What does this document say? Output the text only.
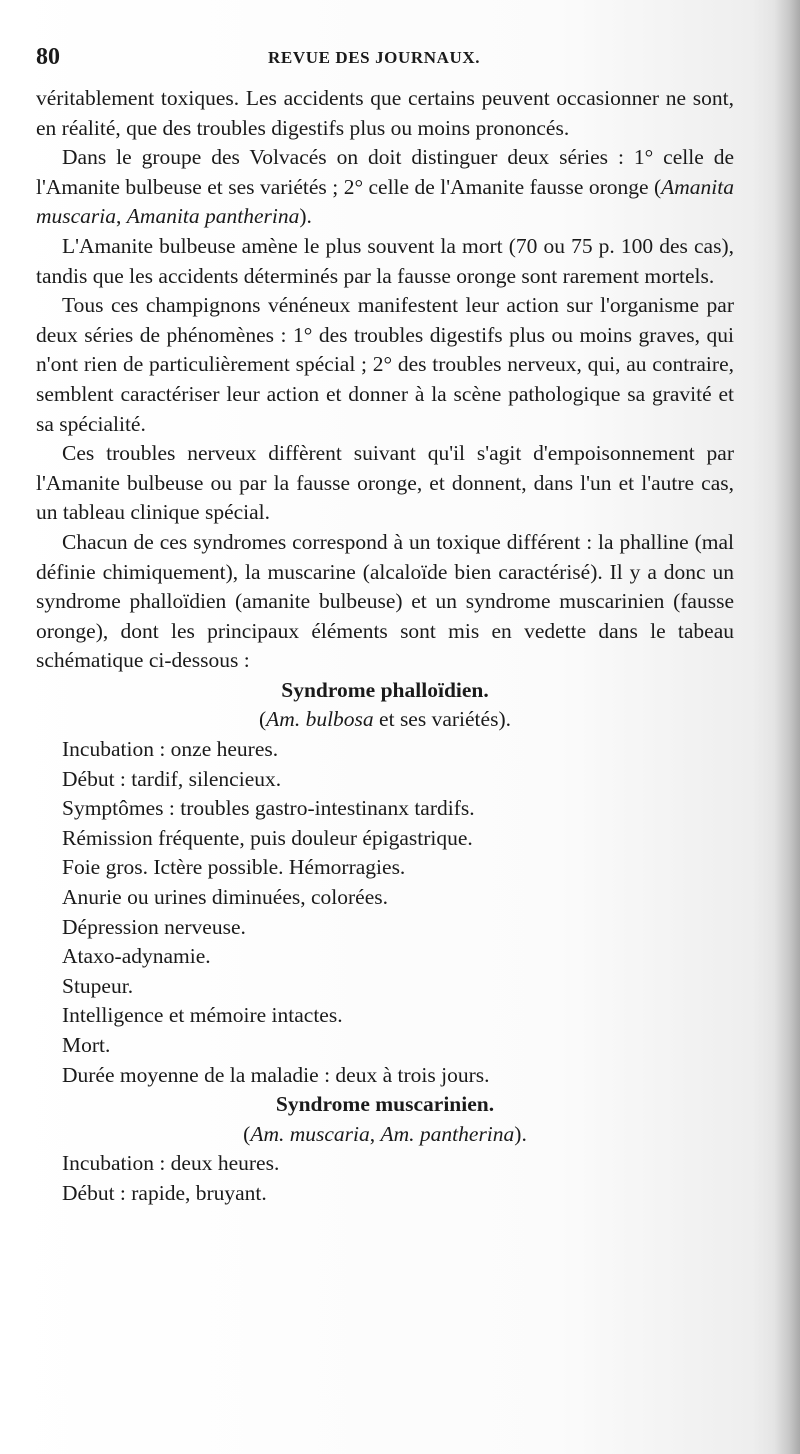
80	REVUE DES JOURNAUX.

véritablement toxiques. Les accidents que certains peuvent occasionner ne sont, en réalité, que des troubles digestifs plus ou moins prononcés.

Dans le groupe des Volvacés on doit distinguer deux séries : 1° celle de l'Amanite bulbeuse et ses variétés ; 2° celle de l'Amanite fausse oronge (Amanita muscaria, Amanita pantherina).

L'Amanite bulbeuse amène le plus souvent la mort (70 ou 75 p. 100 des cas), tandis que les accidents déterminés par la fausse oronge sont rarement mortels.

Tous ces champignons vénéneux manifestent leur action sur l'organisme par deux séries de phénomènes : 1° des troubles digestifs plus ou moins graves, qui n'ont rien de particulièrement spécial ; 2° des troubles nerveux, qui, au contraire, semblent caractériser leur action et donner à la scène pathologique sa gravité et sa spécialité.

Ces troubles nerveux diffèrent suivant qu'il s'agit d'empoisonnement par l'Amanite bulbeuse ou par la fausse oronge, et donnent, dans l'un et l'autre cas, un tableau clinique spécial.

Chacun de ces syndromes correspond à un toxique différent : la phalline (mal définie chimiquement), la muscarine (alcaloïde bien caractérisé). Il y a donc un syndrome phalloïdien (amanite bulbeuse) et un syndrome muscarinien (fausse oronge), dont les principaux éléments sont mis en vedette dans le tabeau schématique ci-dessous :

Syndrome phalloïdien.

(Am. bulbosa et ses variétés).

Incubation : onze heures.
Début : tardif, silencieux.
Symptômes : troubles gastro-intestinanx tardifs.
Rémission fréquente, puis douleur épigastrique.
Foie gros. Ictère possible. Hémorragies.
Anurie ou urines diminuées, colorées.
Dépression nerveuse.
Ataxo-adynamie.
Stupeur.
Intelligence et mémoire intactes.
Mort.
Durée moyenne de la maladie : deux à trois jours.

Syndrome muscarinien.

(Am. muscaria, Am. pantherina).

Incubation : deux heures.
Début : rapide, bruyant.
